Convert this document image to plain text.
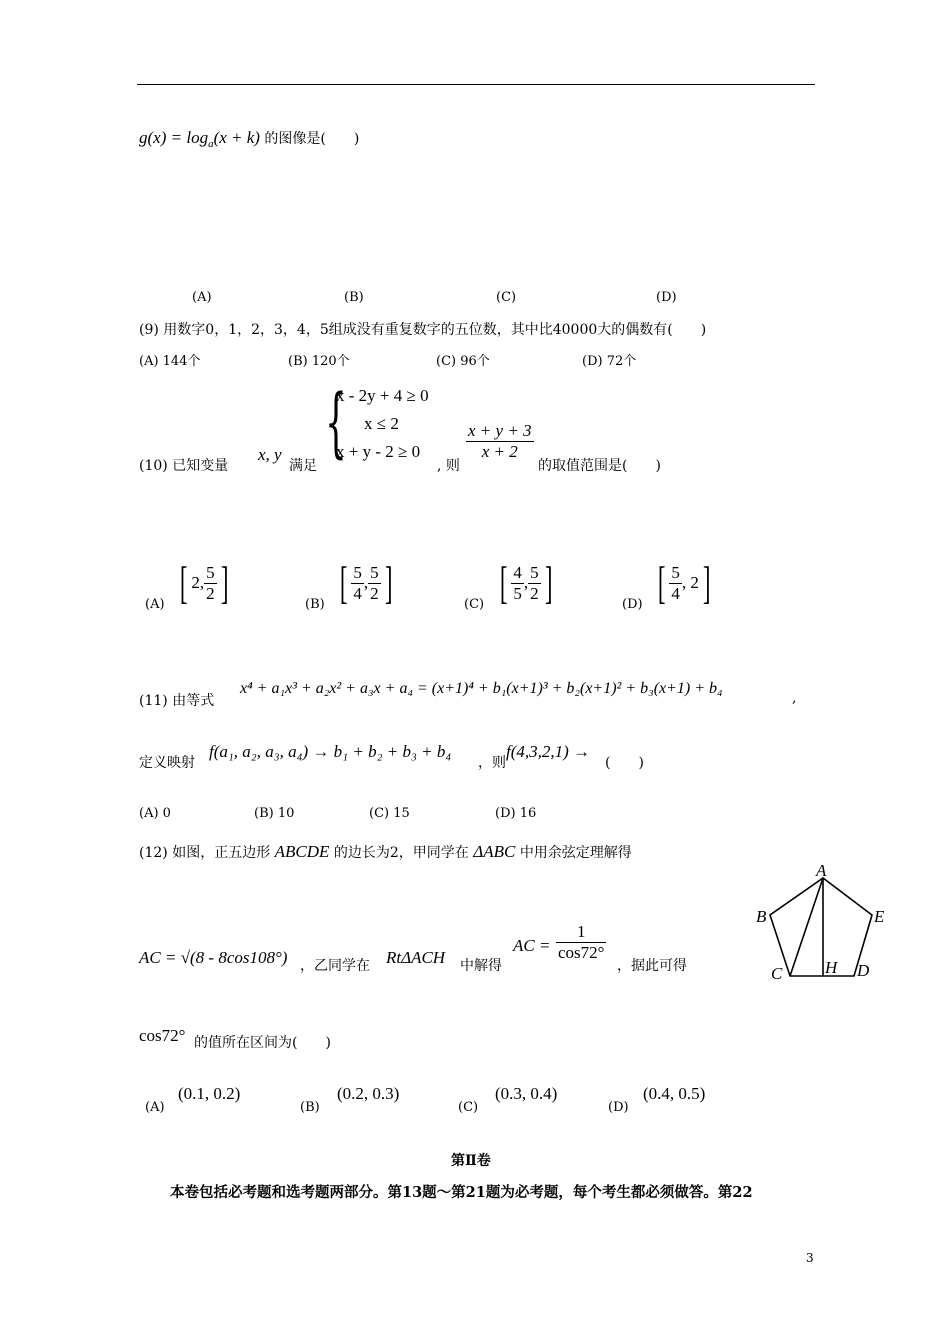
$g(x) = \log_a(x + k)$ 的图像是(　　)
(A)	(B)	(C)	(D)
(9) 用数字0，1，2，3，4，5组成没有重复数字的五位数，其中比40000大的偶数有(　　)
(A) 144个	(B) 120个	(C) 96个	(D) 72个
(10) 已知变量
x, y
满足 {
x - 2y + 4 ≥ 0
x ≤ 2
x + y - 2 ≥ 0
, 则
$\frac{x + y + 3}{x + 2}$
的取值范围是(　　)
(A) [ 2, $\frac{5}{2}$ ]	(B) [ $\frac{5}{4}$ , $\frac{5}{2}$ ]	(C) [ $\frac{4}{5}$ , $\frac{5}{2}$ ]	(D) [ $\frac{5}{4}$ , 2 ]
(11) 由等式
x⁴ + a₁x³ + a₂x² + a₃x + a₄ = (x+1)⁴ + b₁(x+1)³ + b₂(x+1)² + b₃(x+1) + b₄
,
定义映射
f(a₁, a₂, a₃, a₄) → b₁ + b₂ + b₃ + b₄
，则
f(4,3,2,1) →
(　　)
(A) 0	(B) 10	(C) 15	(D) 16
(12) 如图，正五边形 ABCDE 的边长为2，甲同学在 ΔABC 中用余弦定理解得
AC = √(8 - 8cos108°) ，乙同学在 RtΔACH 中解得
AC = $\frac{1}{\cos 72^\circ}$
，据此可得
cos72° 的值所在区间为(　　)
(A)
(0.1, 0.2)
(B)
(0.2, 0.3)
(C)
(0.3, 0.4)
(D)
(0.4, 0.5)
A
B	E
C	H D
第Ⅱ卷
本卷包括必考题和选考题两部分。第13题～第21题为必考题，每个考生都必须做答。第22
3
